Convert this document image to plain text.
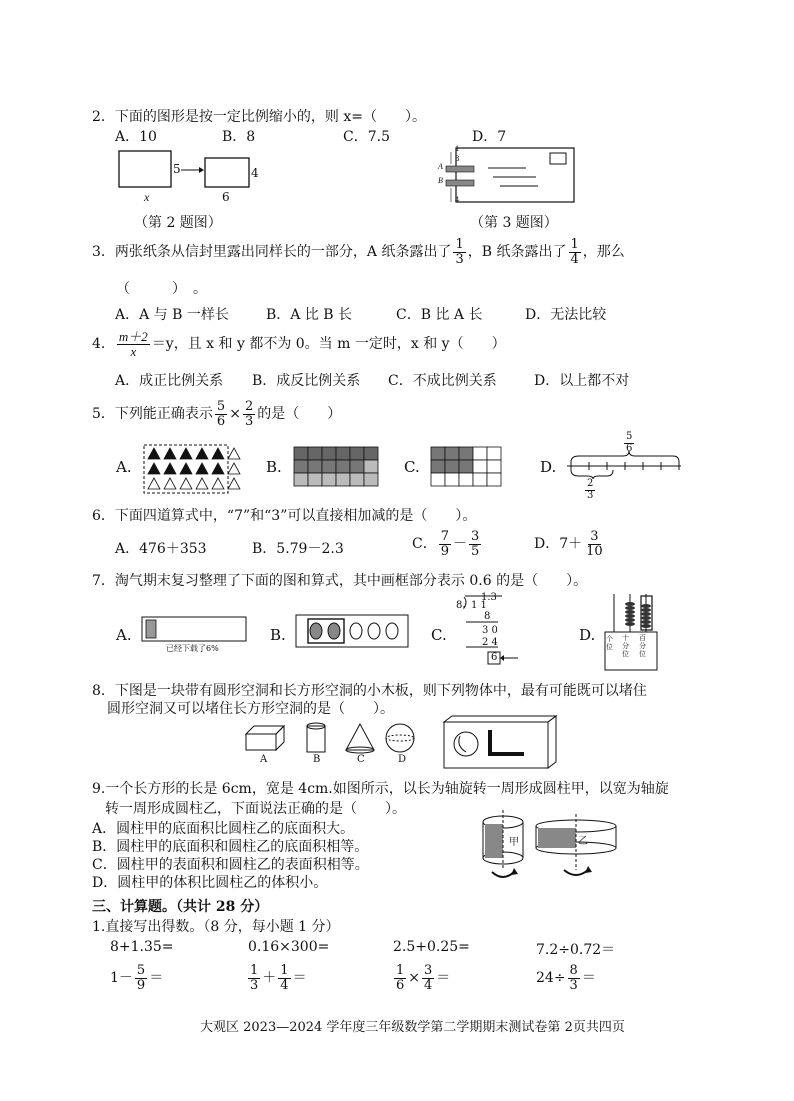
2．下面的图形是按一定比例缩小的，则 x=（　　）。
A．10	B．8	C．7.5	D．7
5
x
4
6
（第 2 题图）
A
B
1
3
4
（第 3 题图）
3．两张纸条从信封里露出同样长的一部分，A 纸条露出了 $\frac{1}{3}$ ，B 纸条露出了 $\frac{1}{4}$ ，那么
（　　　）　。
A．A 与 B 一样长	B．A 比 B 长	C．B 比 A 长	D．无法比较
4． $\frac{m+2}{x} =y$，且 x 和 y 都不为 0。当 m 一定时，x 和 y（　　）
A．成正比例关系 B．成反比例关系 C．不成比例关系	D．以上都不对
5．下列能正确表示 $\frac{5}{6} \times \frac{2}{3}$ 的是（　　）
A.	B.	C.	D.
$\frac{5}{6}$
$\frac{2}{3}$
6．下面四道算式中，“7”和“3”可以直接相加减的是（　　）。
A．476＋353	B．5.79－2.3	C． $\frac{7}{9} - \frac{3}{5}$	D．$7+ \frac{3}{10}$
7．淘气期末复习整理了下面的图和算式，其中画框部分表示 0.6 的是（　　）。
A.	B.	C.	D.
已经下载了6%
1.3
8 1 1
8
3 0
2 4
6
个位
十分位
百分位
8．下图是一块带有圆形空洞和长方形空洞的小木板，则下列物体中，最有可能既可以堵住
圆形空洞又可以堵住长方形空洞的是（　　）。
A	B	C	D
9.一个长方形的长是 6cm，宽是 4cm.如图所示，以长为轴旋转一周形成圆柱甲，以宽为轴旋
转一周形成圆柱乙，下面说法正确的是（　　）。
A．圆柱甲的底面积比圆柱乙的底面积大。
B．圆柱甲的底面积和圆柱乙的底面积相等。
C．圆柱甲的表面积和圆柱乙的表面积相等。
D．圆柱甲的体积比圆柱乙的体积小。
甲	乙
三、计算题。（共计 28 分）
1.直接写出得数。（8 分，每小题 1 分）
8+1.35=	0.16×300=	2.5+0.25=	7.2÷0.72＝
$1- \frac{5}{9}$ ＝	$\frac{1}{3} + \frac{1}{4}$ ＝	$\frac{1}{6} \times \frac{3}{4}$ ＝	$24\div \frac{8}{3}$ ＝
大观区 2023—2024 学年度三年级数学第二学期期末测试卷第 2页共四页
